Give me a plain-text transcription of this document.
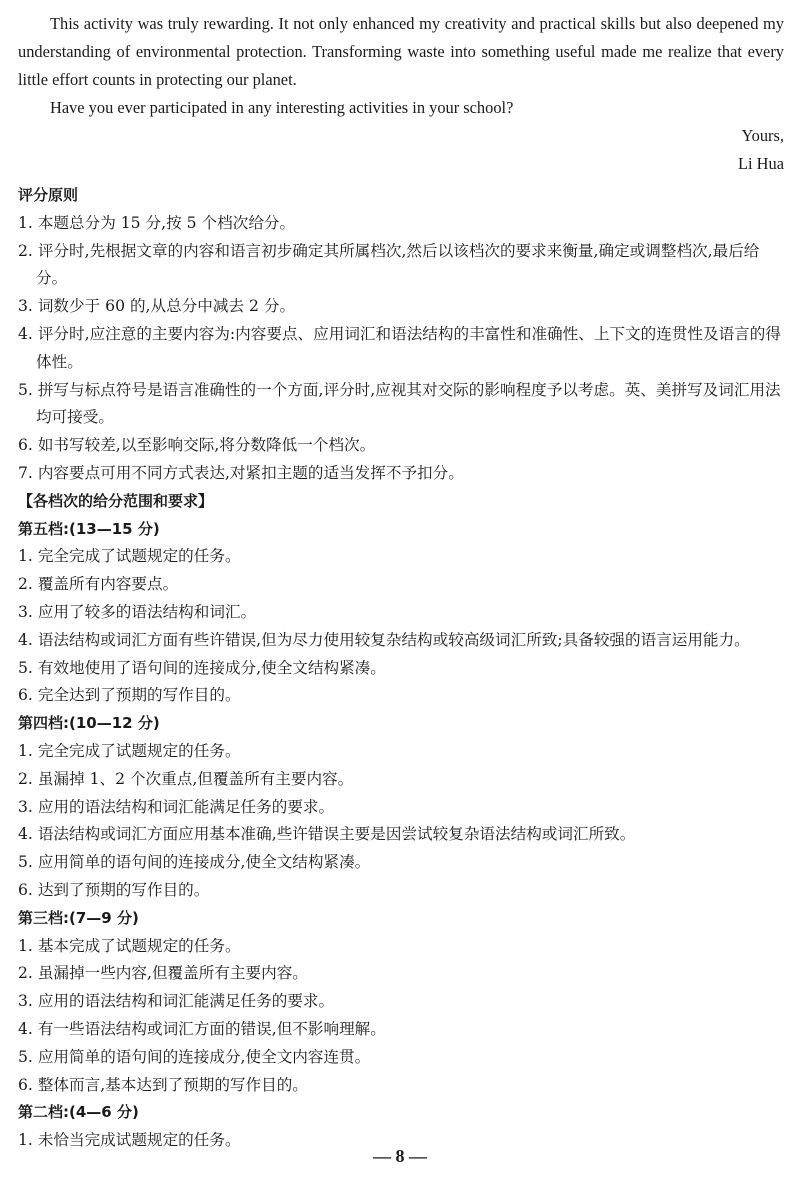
This activity was truly rewarding. It not only enhanced my creativity and practical skills but also deepened my understanding of environmental protection. Transforming waste into something useful made me realize that every little effort counts in protecting our planet.

Have you ever participated in any interesting activities in your school?

Yours,
Li Hua
评分原则
1. 本题总分为 15 分,按 5 个档次给分。
2. 评分时,先根据文章的内容和语言初步确定其所属档次,然后以该档次的要求来衡量,确定或调整档次,最后给分。
3. 词数少于 60 的,从总分中减去 2 分。
4. 评分时,应注意的主要内容为:内容要点、应用词汇和语法结构的丰富性和准确性、上下文的连贯性及语言的得体性。
5. 拼写与标点符号是语言准确性的一个方面,评分时,应视其对交际的影响程度予以考虑。英、美拼写及词汇用法均可接受。
6. 如书写较差,以至影响交际,将分数降低一个档次。
7. 内容要点可用不同方式表达,对紧扣主题的适当发挥不予扣分。
【各档次的给分范围和要求】
第五档:(13—15 分)
1. 完全完成了试题规定的任务。
2. 覆盖所有内容要点。
3. 应用了较多的语法结构和词汇。
4. 语法结构或词汇方面有些许错误,但为尽力使用较复杂结构或较高级词汇所致;具备较强的语言运用能力。
5. 有效地使用了语句间的连接成分,使全文结构紧凑。
6. 完全达到了预期的写作目的。
第四档:(10—12 分)
1. 完全完成了试题规定的任务。
2. 虽漏掉 1、2 个次重点,但覆盖所有主要内容。
3. 应用的语法结构和词汇能满足任务的要求。
4. 语法结构或词汇方面应用基本准确,些许错误主要是因尝试较复杂语法结构或词汇所致。
5. 应用简单的语句间的连接成分,使全文结构紧凑。
6. 达到了预期的写作目的。
第三档:(7—9 分)
1. 基本完成了试题规定的任务。
2. 虽漏掉一些内容,但覆盖所有主要内容。
3. 应用的语法结构和词汇能满足任务的要求。
4. 有一些语法结构或词汇方面的错误,但不影响理解。
5. 应用简单的语句间的连接成分,使全文内容连贯。
6. 整体而言,基本达到了预期的写作目的。
第二档:(4—6 分)
1. 未恰当完成试题规定的任务。
— 8 —
